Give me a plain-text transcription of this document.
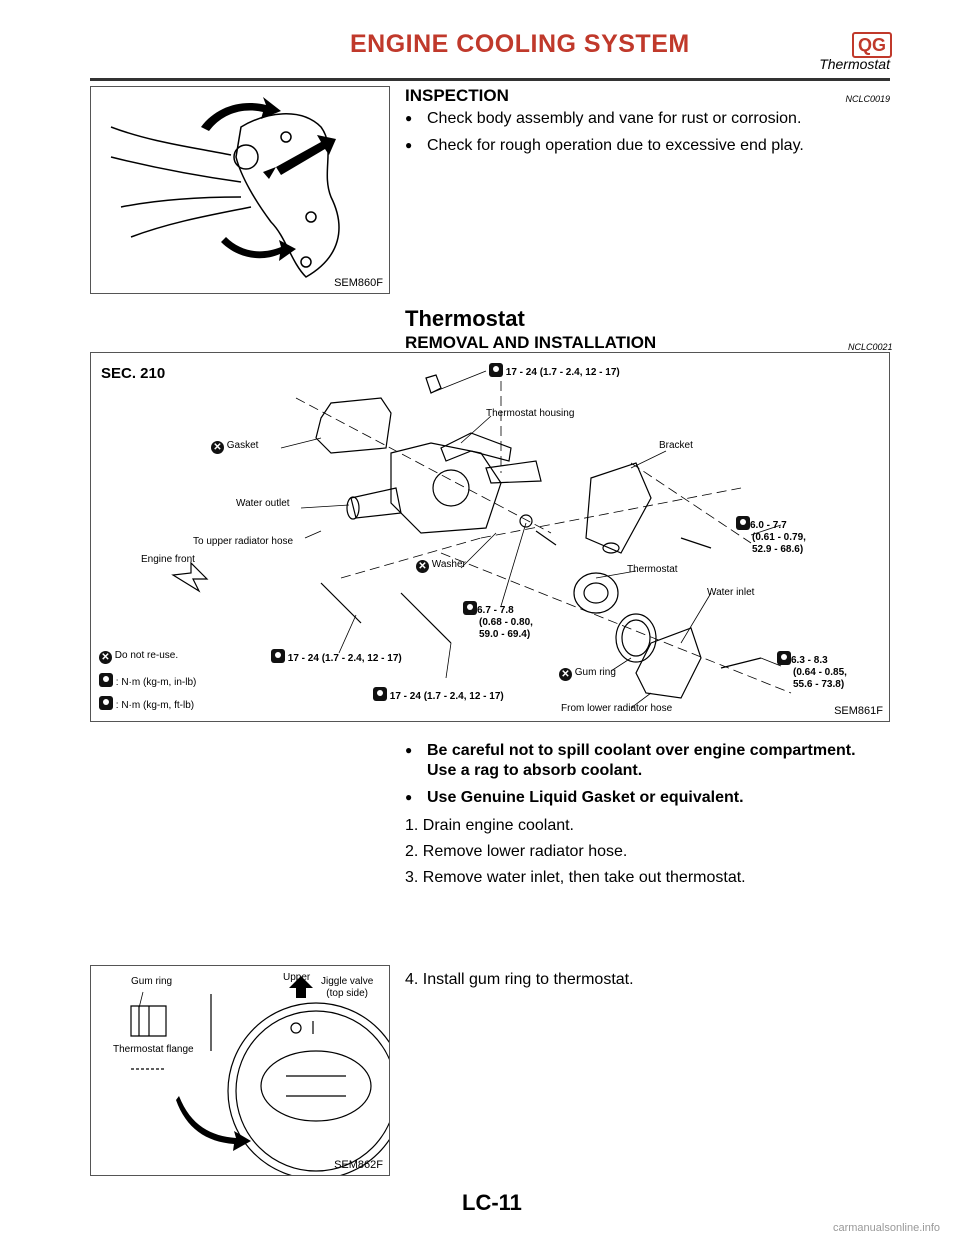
ENGINE COOLING SYSTEM	QG
Thermostat
SEM860F
INSPECTION	NCLC0019
● Check body assembly and vane for rust or corrosion.
● Check for rough operation due to excessive end play.
Thermostat
REMOVAL AND INSTALLATION	NCLC0021
SEC. 210	17 - 24 (1.7 - 2.4, 12 - 17)
Thermostat housing
Bracket
✕ Gasket
Water outlet
To upper radiator hose
Engine front
✕ Washer	Thermostat
6.0 - 7.7
(0.61 - 0.79,
52.9 - 68.6)
Water inlet
6.7 - 7.8
(0.68 - 0.80,
59.0 - 69.4)
17 - 24 (1.7 - 2.4, 12 - 17)
17 - 24 (1.7 - 2.4, 12 - 17)
✕ Gum ring
From lower radiator hose
6.3 - 8.3
(0.64 - 0.85,
55.6 - 73.8)
✕ Do not re-use.
: N·m (kg-m, in-lb)
: N·m (kg-m, ft-lb)	SEM861F
● Be careful not to spill coolant over engine compartment.
Use a rag to absorb coolant.
● Use Genuine Liquid Gasket or equivalent.
1. Drain engine coolant.
2. Remove lower radiator hose.
3. Remove water inlet, then take out thermostat.
4. Install gum ring to thermostat.
Gum ring	Upper Jiggle valve
(top side)
Thermostat flange
SEM862F
LC-11
carmanualsonline.info
